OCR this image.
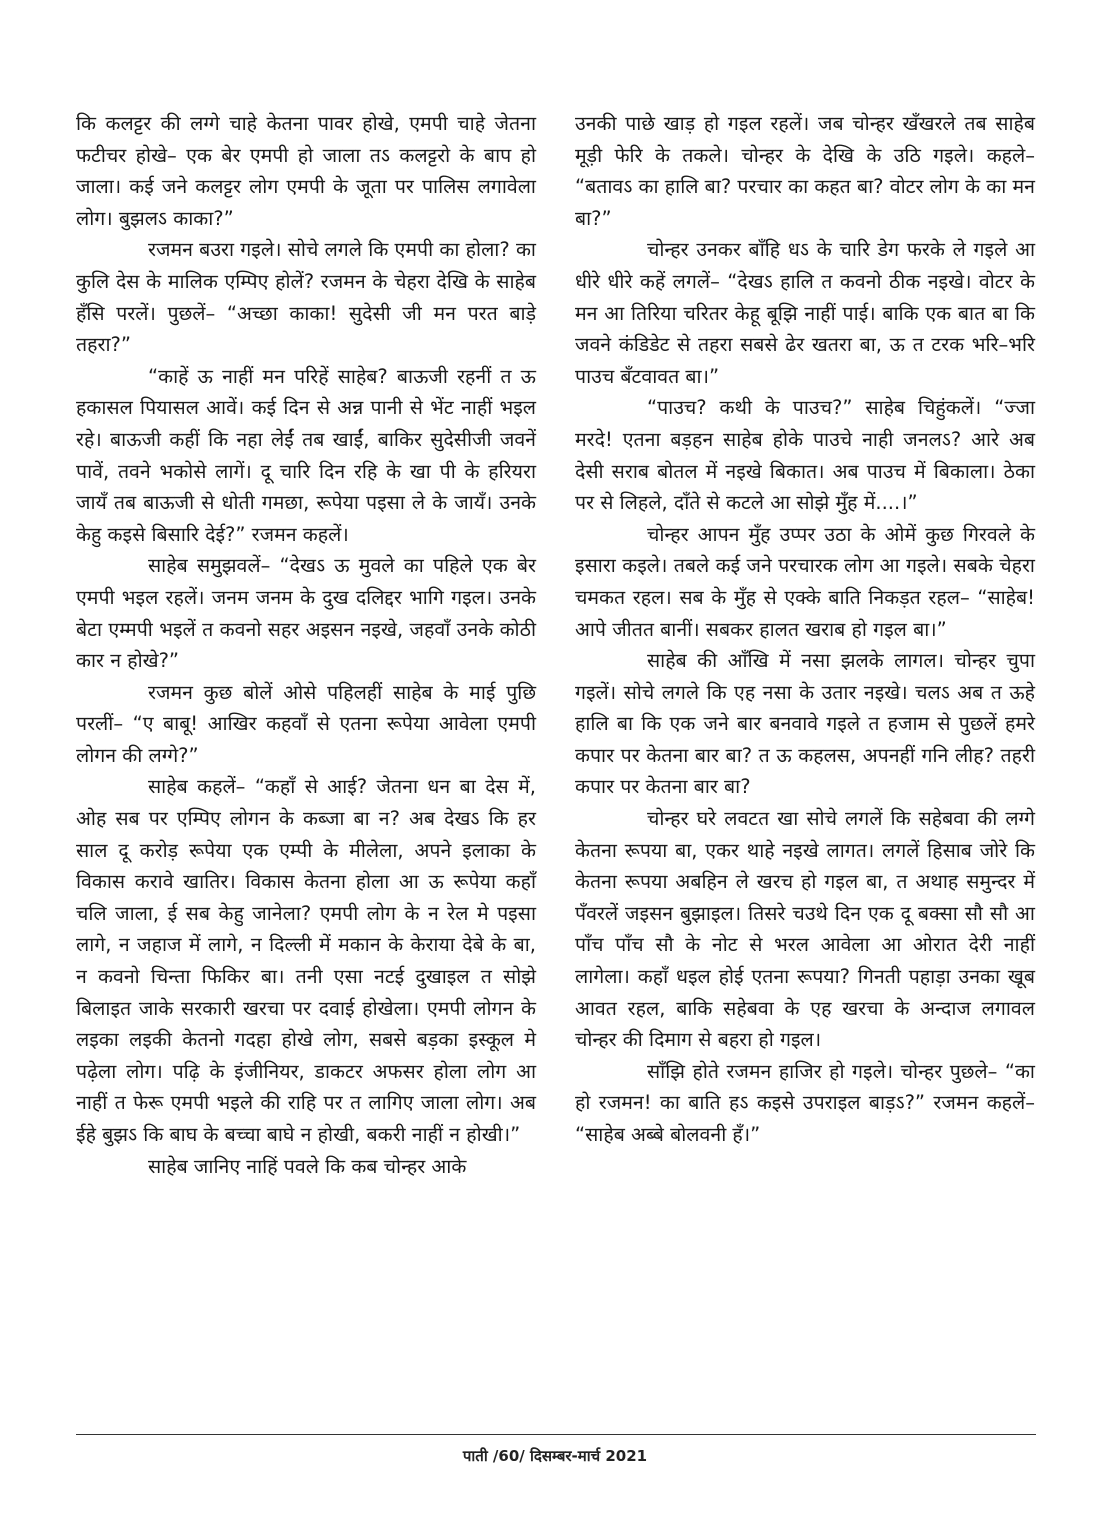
कि कलट्टर की लग्गे चाहे केतना पावर होखे, एमपी चाहे जेतना फटीचर होखे– एक बेर एमपी हो जाला तऽ कलट्टरो के बाप हो जाला। कई जने कलट्टर लोग एमपी के जूता पर पालिस लगावेला लोग। बुझलऽ काका?”

रजमन बउरा गइले। सोचे लगले कि एमपी का होला? का कुलि देस के मालिक एम्पिए होलें? रजमन के चेहरा देखि के साहेब हँसि परलें। पुछलें– “अच्छा काका! सुदेसी जी मन परत बाड़े तहरा?”

“काहें ऊ नाहीं मन परिहें साहेब? बाऊजी रहनीं त ऊ हकासल पियासल आवें। कई दिन से अन्न पानी से भेंट नाहीं भइल रहे। बाऊजी कहीं कि नहा लेईं तब खाईं, बाकिर सुदेसीजी जवनें पावें, तवने भकोसे लागें। दू चारि दिन रहि के खा पी के हरियरा जायँ तब बाऊजी से धोती गमछा, रूपेया पइसा ले के जायँ। उनके केहु कइसे बिसारि देई?” रजमन कहलें।

साहेब समुझवलें– “देखऽ ऊ मुवले का पहिले एक बेर एमपी भइल रहलें। जनम जनम के दुख दलिद्दर भागि गइल। उनके बेटा एम्मपी भइलें त कवनो सहर अइसन नइखे, जहवाँ उनके कोठी कार न होखे?”

रजमन कुछ बोलें ओसे पहिलहीं साहेब के माई पुछि परलीं– “ए बाबू! आखिर कहवाँ से एतना रूपेया आवेला एमपी लोगन की लग्गे?”

साहेब कहलें– “कहाँ से आई? जेतना धन बा देस में, ओह सब पर एम्पिए लोगन के कब्जा बा न? अब देखऽ कि हर साल दू करोड़ रूपेया एक एम्पी के मीलेला, अपने इलाका के विकास करावे खातिर। विकास केतना होला आ ऊ रूपेया कहाँ चलि जाला, ई सब केहु जानेला? एमपी लोग के न रेल मे पइसा लागे, न जहाज में लागे, न दिल्ली में मकान के केराया देबे के बा, न कवनो चिन्ता फिकिर बा। तनी एसा नटई दुखाइल त सोझे बिलाइत जाके सरकारी खरचा पर दवाई होखेला। एमपी लोगन के लइका लइकी केतनो गदहा होखे लोग, सबसे बड़का इस्कूल मे पढ़ेला लोग। पढ़ि के इंजीनियर, डाकटर अफसर होला लोग आ नाहीं त फेरू एमपी भइले की राहि पर त लागिए जाला लोग। अब ईहे बुझऽ कि बाघ के बच्चा बाघे न होखी, बकरी नाहीं न होखी।”

साहेब जानिए नाहिं पवले कि कब चोन्हर आके

उनकी पाछे खाड़ हो गइल रहलें। जब चोन्हर खँखरले तब साहेब मूड़ी फेरि के तकले। चोन्हर के देखि के उठि गइले। कहले– “बतावऽ का हालि बा? परचार का कहत बा? वोटर लोग के का मन बा?”

चोन्हर उनकर बाँहि धऽ के चारि डेग फरके ले गइले आ धीरे धीरे कहें लगलें– “देखऽ हालि त कवनो ठीक नइखे। वोटर के मन आ तिरिया चरितर केहू बूझि नाहीं पाई। बाकि एक बात बा कि जवने कंडिडेट से तहरा सबसे ढेर खतरा बा, ऊ त टरक भरि–भरि पाउच बँटवावत बा।”

“पाउच? कथी के पाउच?” साहेब चिहुंकलें। “ज्जा मरदे! एतना बड़हन साहेब होके पाउचे नाही जनलऽ? आरे अब देसी सराब बोतल में नइखे बिकात। अब पाउच में बिकाला। ठेका पर से लिहले, दाँते से कटले आ सोझे मुँह में....।”

चोन्हर आपन मुँह उप्पर उठा के ओमें कुछ गिरवले के इसारा कइले। तबले कई जने परचारक लोग आ गइले। सबके चेहरा चमकत रहल। सब के मुँह से एक्के बाति निकड़त रहल– “साहेब! आपे जीतत बानीं। सबकर हालत खराब हो गइल बा।”

साहेब की आँखि में नसा झलके लागल। चोन्हर चुपा गइलें। सोचे लगले कि एह नसा के उतार नइखे। चलऽ अब त ऊहे हालि बा कि एक जने बार बनवावे गइले त हजाम से पुछलें हमरे कपार पर केतना बार बा? त ऊ कहलस, अपनहीं गनि लीह? तहरी कपार पर केतना बार बा?

चोन्हर घरे लवटत खा सोचे लगलें कि सहेबवा की लग्गे केतना रूपया बा, एकर थाहे नइखे लागत। लगलें हिसाब जोरे कि केतना रूपया अबहिन ले खरच हो गइल बा, त अथाह समुन्दर में पँवरलें जइसन बुझाइल। तिसरे चउथे दिन एक दू बक्सा सौ सौ आ पाँच पाँच सौ के नोट से भरल आवेला आ ओरात देरी नाहीं लागेला। कहाँ धइल होई एतना रूपया? गिनती पहाड़ा उनका खूब आवत रहल, बाकि सहेबवा के एह खरचा के अन्दाज लगावल चोन्हर की दिमाग से बहरा हो गइल।

साँझि होते रजमन हाजिर हो गइले। चोन्हर पुछले– “का हो रजमन! का बाति हऽ कइसे उपराइल बाड़ऽ?” रजमन कहलें– “साहेब अब्बे बोलवनी हँ।”

पाती /60/ दिसम्बर-मार्च 2021
